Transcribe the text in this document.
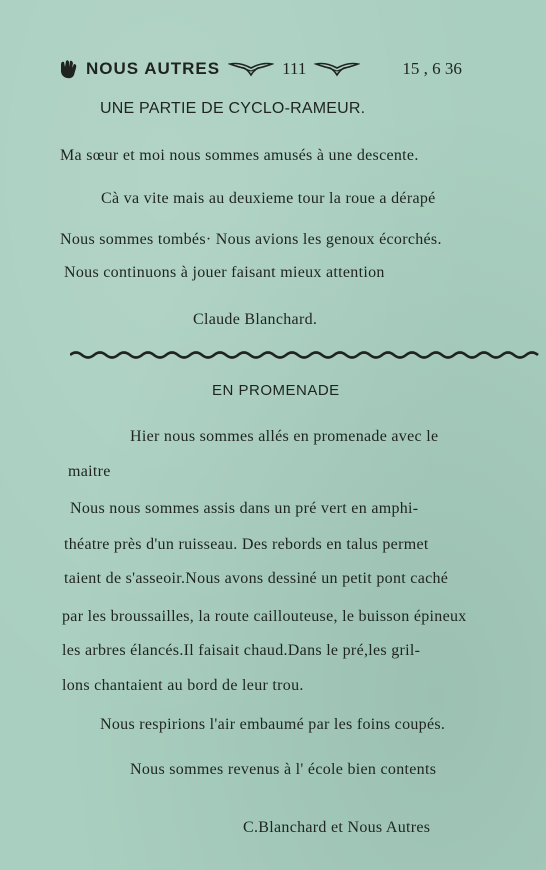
NOUS AUTRES	111	15 , 6 36
UNE PARTIE DE CYCLO-RAMEUR.
Ma sœur et moi nous sommes amusés à une descente.
Cà va vite mais au deuxieme tour la roue a dérapé
Nous sommes tombés· Nous avions les genoux écorchés.
Nous continuons à jouer faisant mieux attention
Claude Blanchard.
EN PROMENADE
Hier nous sommes allés en promenade avec le
maitre
Nous nous sommes assis dans un pré vert en amphi-
théatre près d'un ruisseau. Des rebords en talus permet
taient de s'asseoir.Nous avons dessiné un petit pont caché
par les broussailles, la route caillouteuse, le buisson épineux
les arbres élancés.Il faisait chaud.Dans le pré,les gril-
lons chantaient au bord de leur trou.
Nous respirions l'air embaumé par les foins coupés.
Nous sommes revenus à l' école bien contents
C.Blanchard et Nous Autres
